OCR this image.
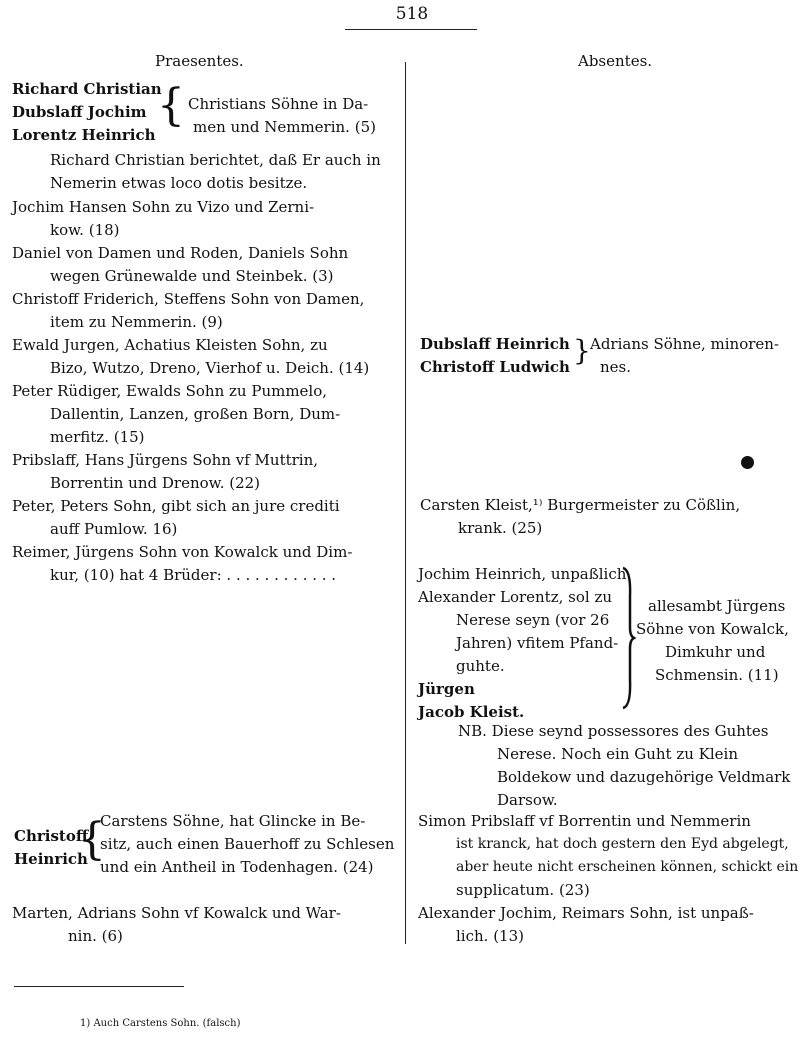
518
Praesentes.	Absentes.
Richard Christian
Dubslaff Jochim
Lorentz Heinrich
{ Christians Söhne in Da-
men und Nemmerin. (5)
Richard Christian berichtet, daß Er auch in
Nemerin etwas loco dotis besitze.
Jochim Hansen Sohn zu Vizo und Zerni-
kow. (18)
Daniel von Damen und Roden, Daniels Sohn
wegen Grünewalde und Steinbek. (3)
Christoff Friderich, Steffens Sohn von Damen,
item zu Nemmerin. (9)
Ewald Jurgen, Achatius Kleisten Sohn, zu
Bizo, Wutzo, Dreno, Vierhof u. Deich. (14)
Peter Rüdiger, Ewalds Sohn zu Pummelo,
Dallentin, Lanzen, großen Born, Dum-
merfitz. (15)
Pribslaff, Hans Jürgens Sohn vf Muttrin,
Borrentin und Drenow. (22)
Peter, Peters Sohn, gibt sich an jure crediti
auff Pumlow. 16)
Reimer, Jürgens Sohn von Kowalck und Dim-
kur, (10) hat 4 Brüder: . . . . . . . . . . . .
Christoff
Heinrich
{
Carstens Söhne, hat Glincke in Be-
sitz, auch einen Bauerhoff zu Schlesen
und ein Antheil in Todenhagen. (24)
Marten, Adrians Sohn vf Kowalck und War-
nin. (6)
Dubslaff Heinrich
Christoff Ludwich } Adrians Söhne, minoren-
nes.
Carsten Kleist,¹⁾ Burgermeister zu Cößlin,
krank. (25)
Jochim Heinrich, unpaßlich
Alexander Lorentz, sol zu
Nerese seyn (vor 26
Jahren) vfitem Pfand-
guhte.
Jürgen
Jacob Kleist.
allesambt Jürgens
Söhne von Kowalck,
Dimkuhr und
Schmensin. (11)
NB. Diese seynd possessores des Guhtes
Nerese. Noch ein Guht zu Klein
Boldekow und dazugehörige Veldmark
Darsow.
Simon Pribslaff vf Borrentin und Nemmerin
ist kranck, hat doch gestern den Eyd abgelegt,
aber heute nicht erscheinen können, schickt ein
supplicatum. (23)
Alexander Jochim, Reimars Sohn, ist unpaß-
lich. (13)
1) Auch Carstens Sohn. (falsch)
